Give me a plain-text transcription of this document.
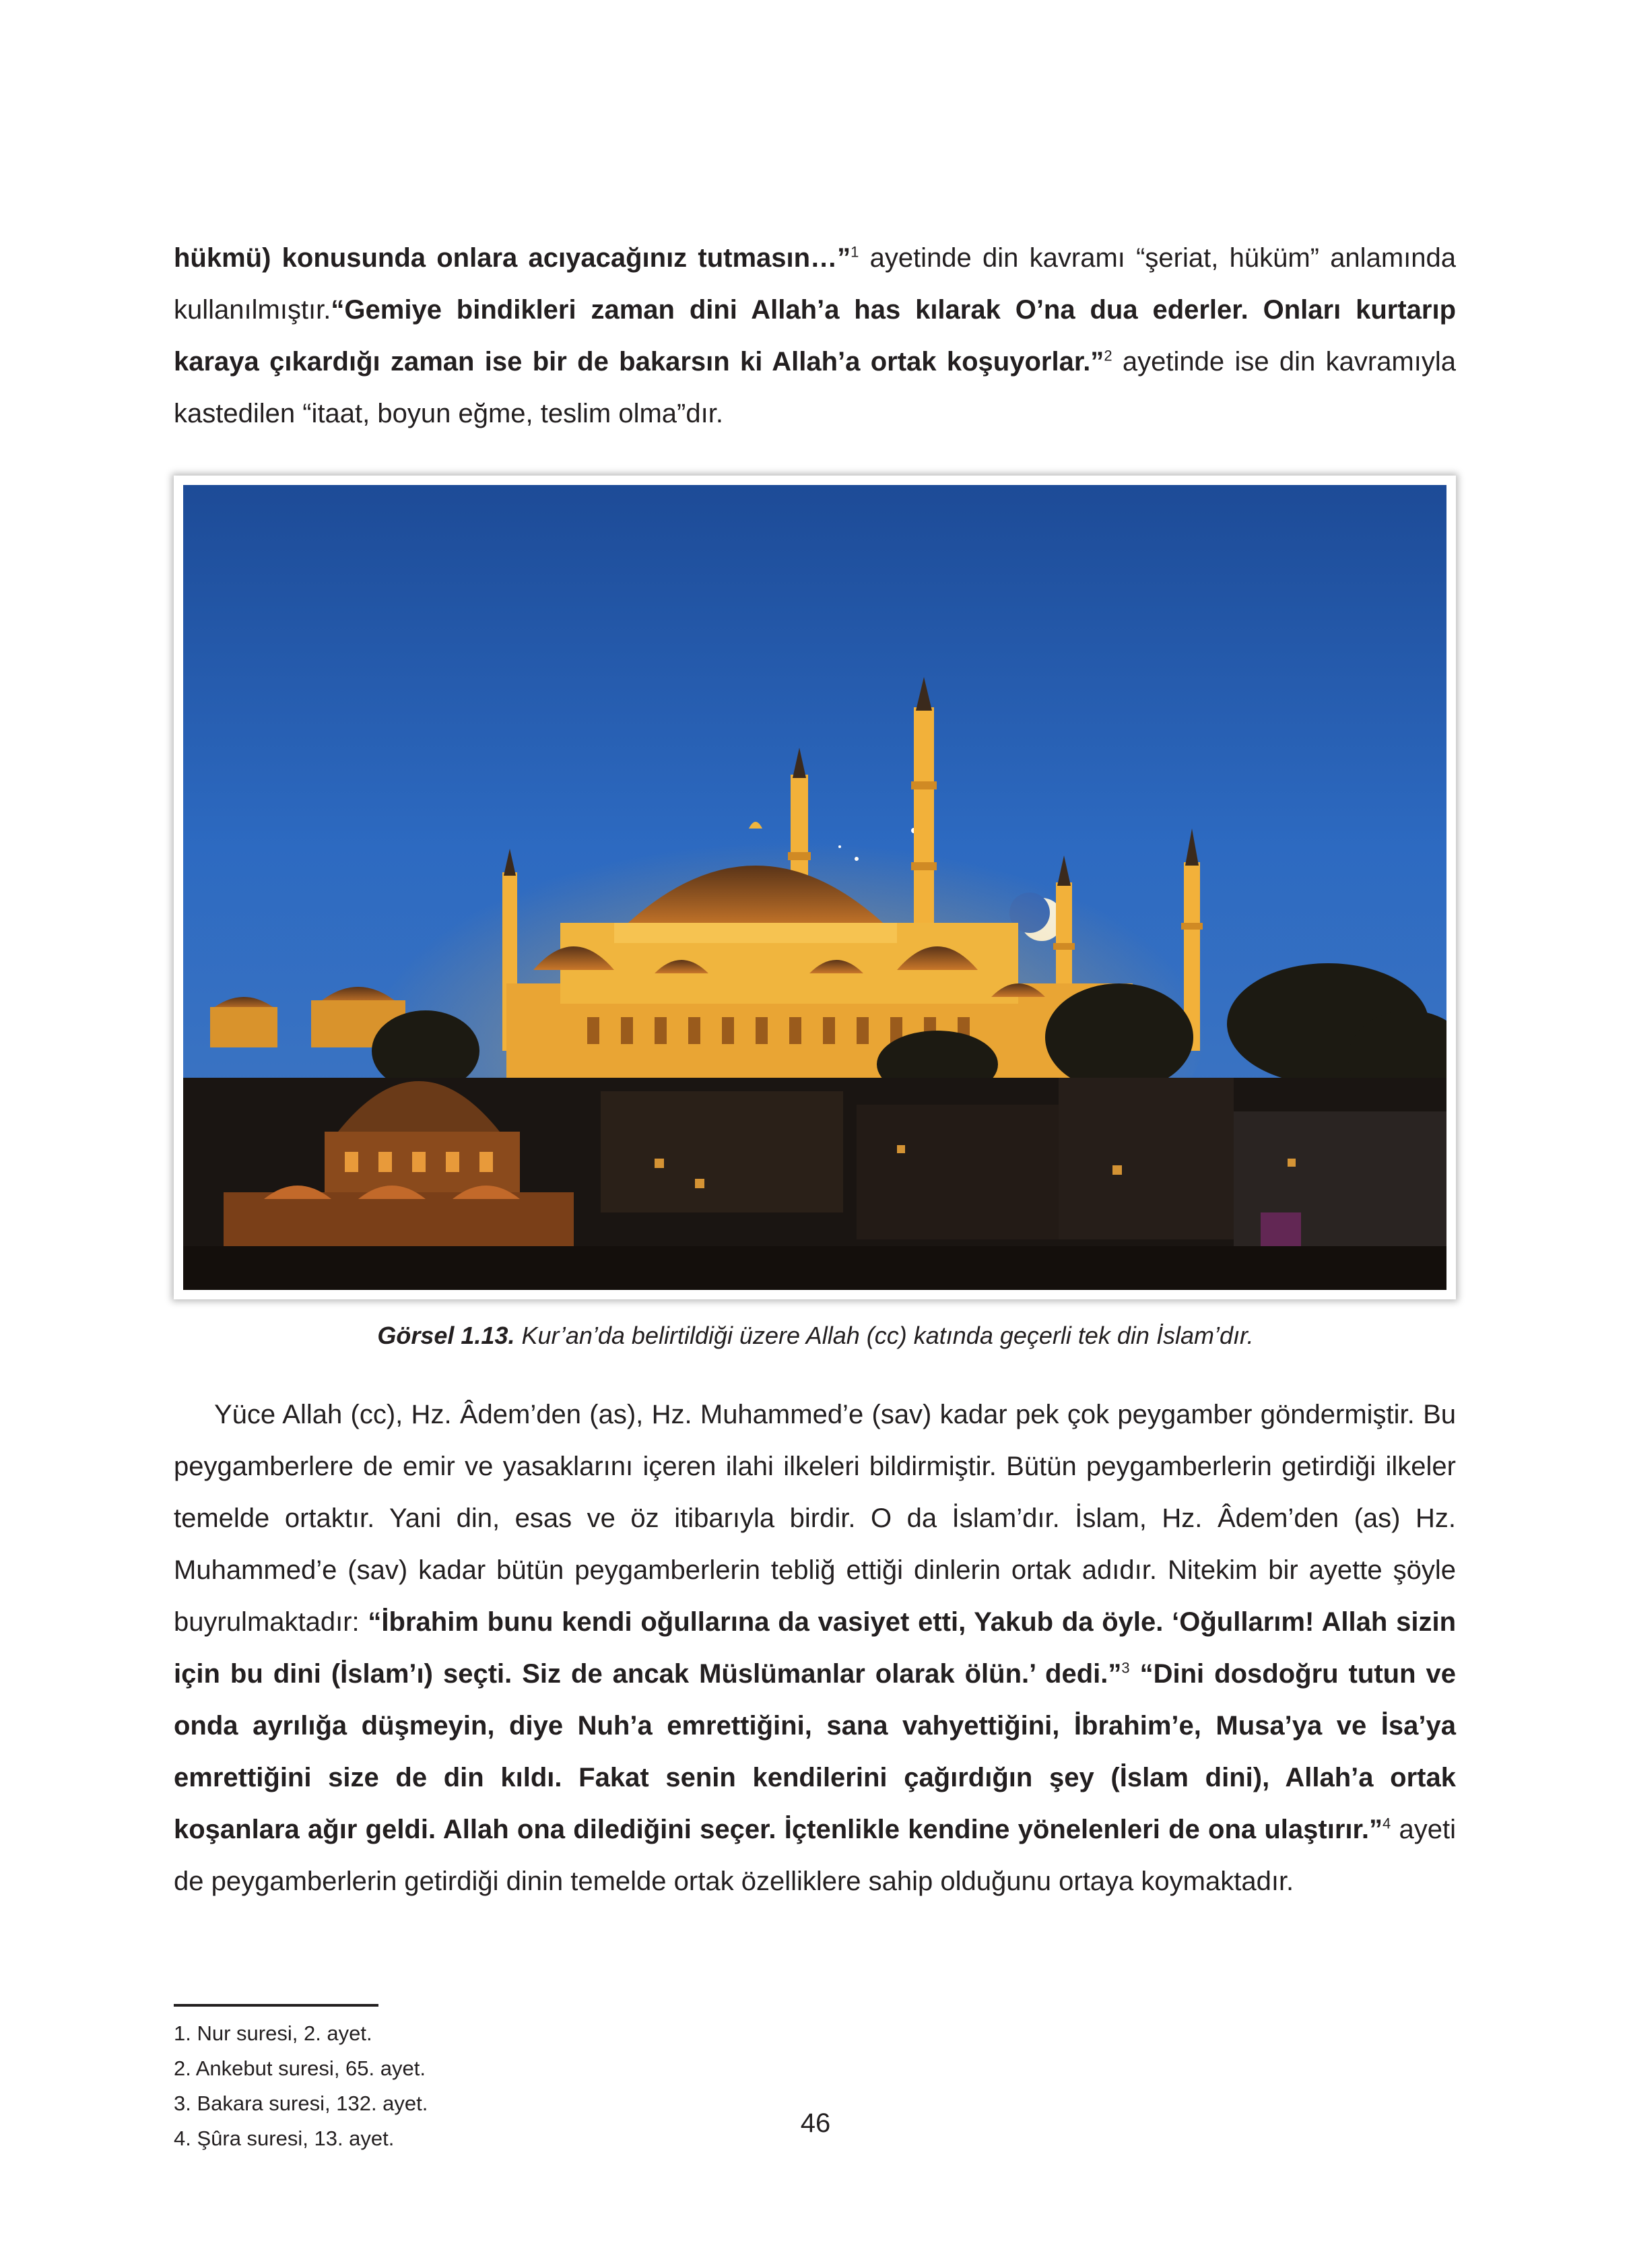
hükmü) konusunda onlara acıyacağınız tutmasın…”$^1$ ayetinde din kavramı “şeriat, hüküm” anlamında kullanılmıştır.“Gemiye bindikleri zaman dini Allah’a has kılarak O’na dua ederler. Onları kurtarıp karaya çıkardığı zaman ise bir de bakarsın ki Allah’a ortak koşuyorlar.”$^2$ ayetinde ise din kavramıyla kastedilen “itaat, boyun eğme, teslim olma”dır.

Görsel 1.13. Kur’an’da belirtildiği üzere Allah (cc) katında geçerli tek din İslam’dır.

Yüce Allah (cc), Hz. Âdem’den (as), Hz. Muhammed’e (sav) kadar pek çok peygamber göndermiştir. Bu peygamberlere de emir ve yasaklarını içeren ilahi ilkeleri bildirmiştir. Bütün peygamberlerin getirdiği ilkeler temelde ortaktır. Yani din, esas ve öz itibarıyla birdir. O da İslam’dır. İslam, Hz. Âdem’den (as) Hz. Muhammed’e (sav) kadar bütün peygamberlerin tebliğ ettiği dinlerin ortak adıdır. Nitekim bir ayette şöyle buyrulmaktadır: “İbrahim bunu kendi oğullarına da vasiyet etti, Yakub da öyle. ‘Oğullarım! Allah sizin için bu dini (İslam’ı) seçti. Siz de ancak Müslümanlar olarak ölün.’ dedi.”$^3$ “Dini dosdoğru tutun ve onda ayrılığa düşmeyin, diye Nuh’a emrettiğini, sana vahyettiğini, İbrahim’e, Musa’ya ve İsa’ya emrettiğini size de din kıldı. Fakat senin kendilerini çağırdığın şey (İslam dini), Allah’a ortak koşanlara ağır geldi. Allah ona dilediğini seçer. İçtenlikle kendine yönelenleri de ona ulaştırır.”$^4$ ayeti de peygamberlerin getirdiği dinin temelde ortak özelliklere sahip olduğunu ortaya koymaktadır.

1. Nur suresi, 2. ayet.
2. Ankebut suresi, 65. ayet.
3. Bakara suresi, 132. ayet.
4. Şûra suresi, 13. ayet.
46
